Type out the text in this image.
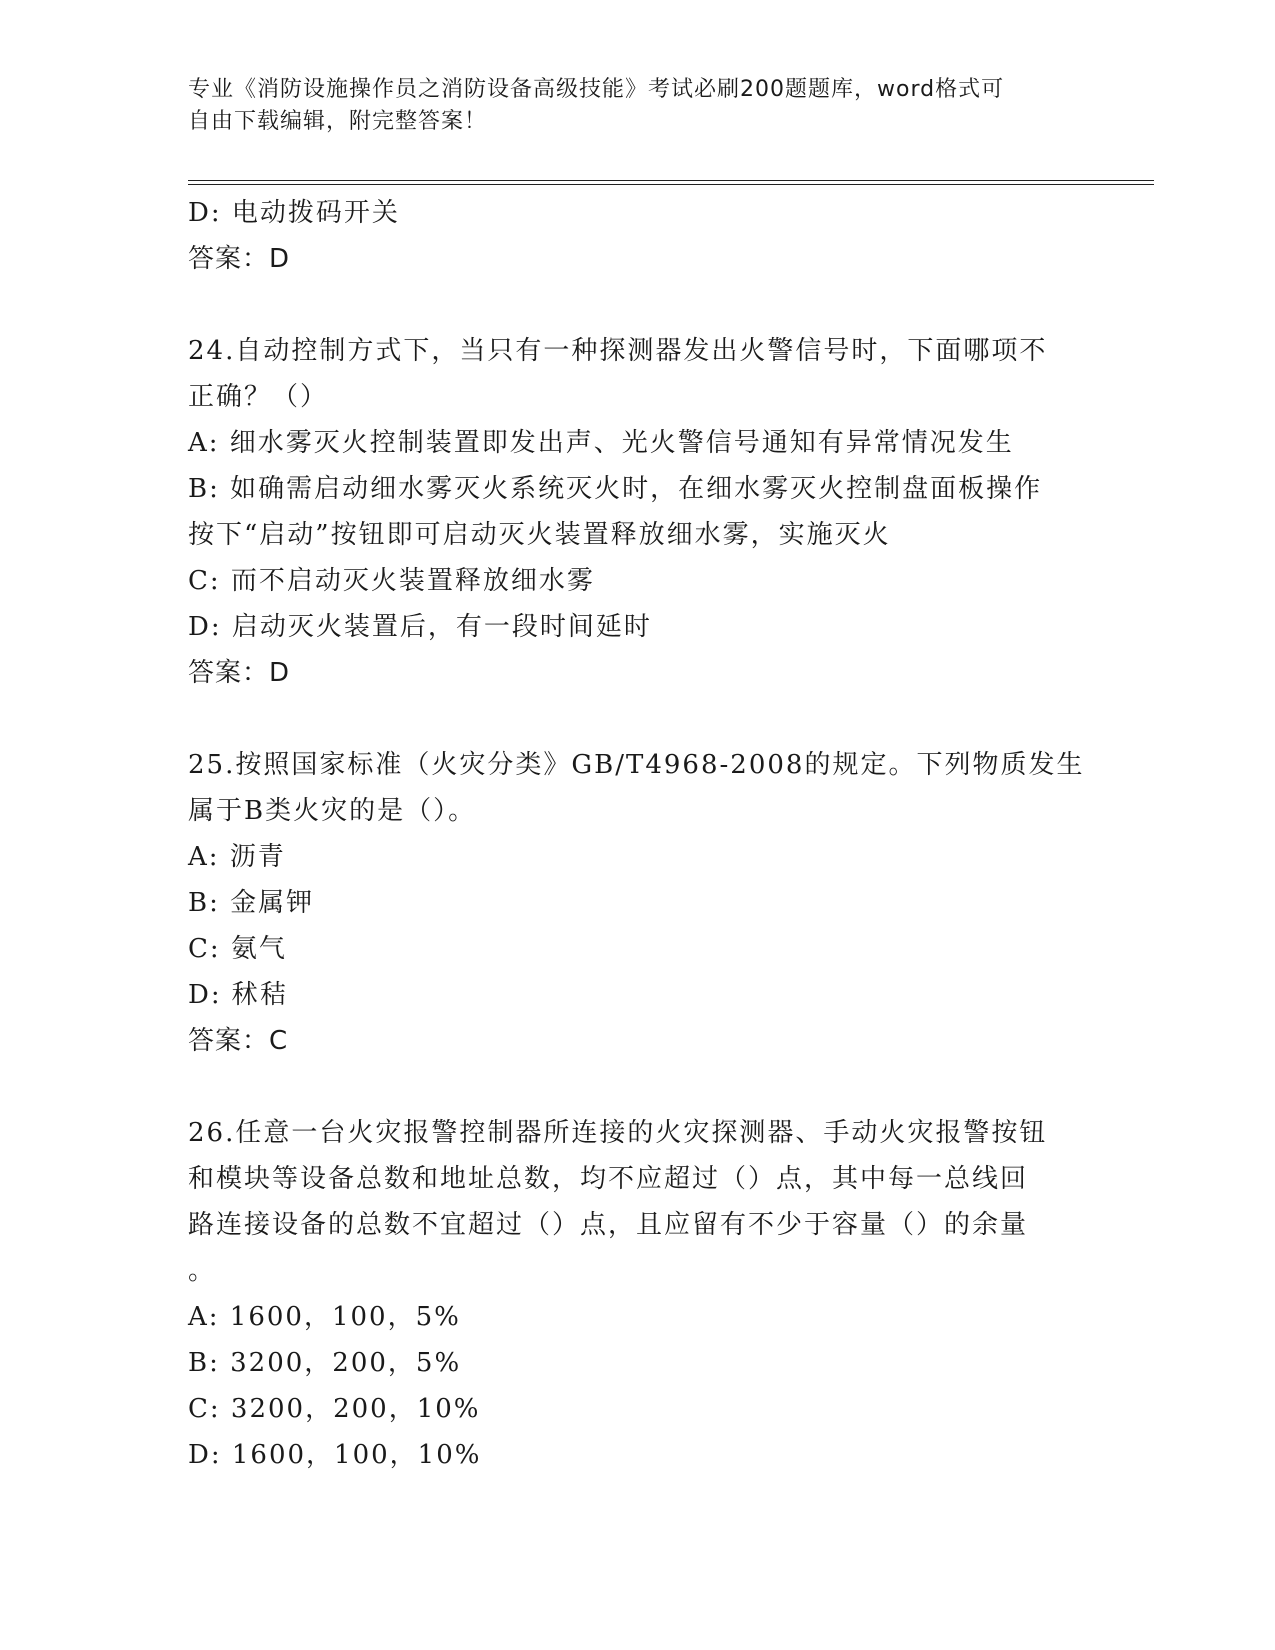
专业《消防设施操作员之消防设备高级技能》考试必刷200题题库，word格式可
自由下载编辑，附完整答案！
D: 电动拨码开关
答案：D
24.自动控制方式下，当只有一种探测器发出火警信号时，下面哪项不
正确？（）
A: 细水雾灭火控制装置即发出声、光火警信号通知有异常情况发生
B: 如确需启动细水雾灭火系统灭火时，在细水雾灭火控制盘面板操作
按下“启动”按钮即可启动灭火装置释放细水雾，实施灭火
C: 而不启动灭火装置释放细水雾
D: 启动灭火装置后，有一段时间延时
答案：D
25.按照国家标准（火灾分类》GB/T4968-2008的规定。下列物质发生
属于B类火灾的是（）。
A: 沥青
B: 金属钾
C: 氨气
D: 秫秸
答案：C
26.任意一台火灾报警控制器所连接的火灾探测器、手动火灾报警按钮
和模块等设备总数和地址总数，均不应超过（）点，其中每一总线回
路连接设备的总数不宜超过（）点，且应留有不少于容量（）的余量
。
A: 1600，100，5%
B: 3200，200，5%
C: 3200，200，10%
D: 1600，100，10%
